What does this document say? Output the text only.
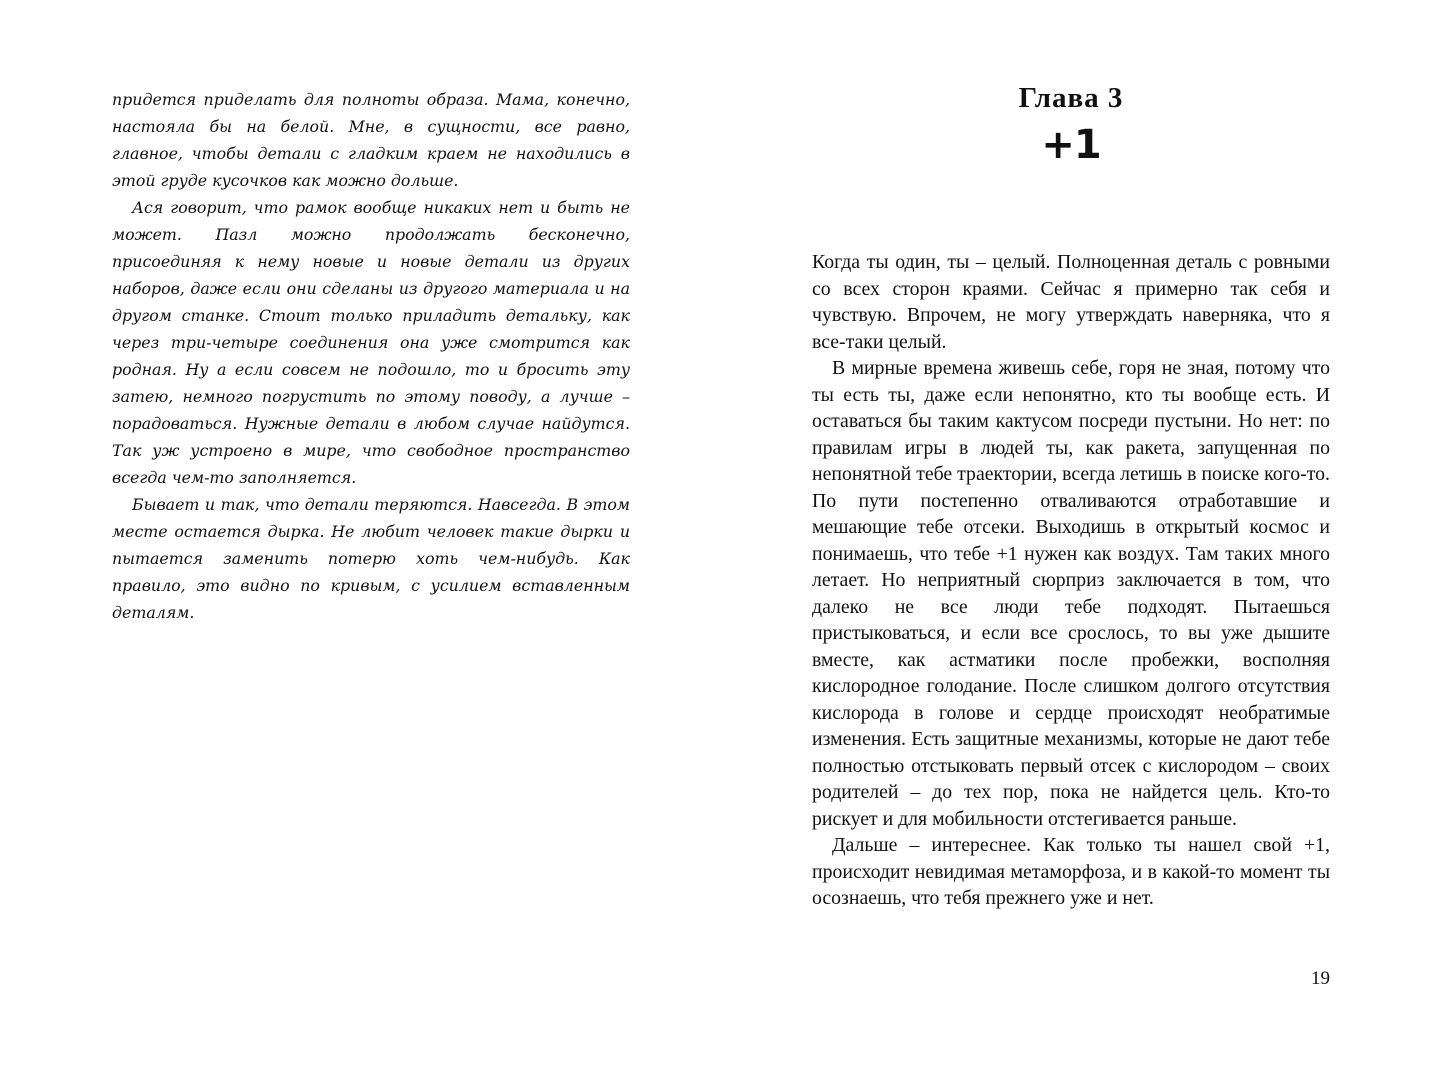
придется приделать для полноты образа. Мама, конечно, настояла бы на белой. Мне, в сущности, все равно, главное, чтобы детали с гладким краем не находились в этой груде кусочков как можно дольше.

Ася говорит, что рамок вообще никаких нет и быть не может. Пазл можно продолжать бесконечно, присоединяя к нему новые и новые детали из других наборов, даже если они сделаны из другого материала и на другом станке. Стоит только приладить детальку, как через три-четыре соединения она уже смотрится как родная. Ну а если совсем не подошло, то и бросить эту затею, немного погрустить по этому поводу, а лучше – порадоваться. Нужные детали в любом случае найдутся. Так уж устроено в мире, что свободное пространство всегда чем-то заполняется.

Бывает и так, что детали теряются. Навсегда. В этом месте остается дырка. Не любит человек такие дырки и пытается заменить потерю хоть чем-нибудь. Как правило, это видно по кривым, с усилием вставленным деталям.

Глава 3
+1

Когда ты один, ты – целый. Полноценная деталь с ровными со всех сторон краями. Сейчас я примерно так себя и чувствую. Впрочем, не могу утверждать наверняка, что я все-таки целый.

В мирные времена живешь себе, горя не зная, потому что ты есть ты, даже если непонятно, кто ты вообще есть. И оставаться бы таким кактусом посреди пустыни. Но нет: по правилам игры в людей ты, как ракета, запущенная по непонятной тебе траектории, всегда летишь в поиске кого-то. По пути постепенно отваливаются отработавшие и мешающие тебе отсеки. Выходишь в открытый космос и понимаешь, что тебе +1 нужен как воздух. Там таких много летает. Но неприятный сюрприз заключается в том, что далеко не все люди тебе подходят. Пытаешься пристыковаться, и если все срослось, то вы уже дышите вместе, как астматики после пробежки, восполняя кислородное голодание. После слишком долгого отсутствия кислорода в голове и сердце происходят необратимые изменения. Есть защитные механизмы, которые не дают тебе полностью отстыковать первый отсек с кислородом – своих родителей – до тех пор, пока не найдется цель. Кто-то рискует и для мобильности отстегивается раньше.

Дальше – интереснее. Как только ты нашел свой +1, происходит невидимая метаморфоза, и в какой-то момент ты осознаешь, что тебя прежнего уже и нет.

19
